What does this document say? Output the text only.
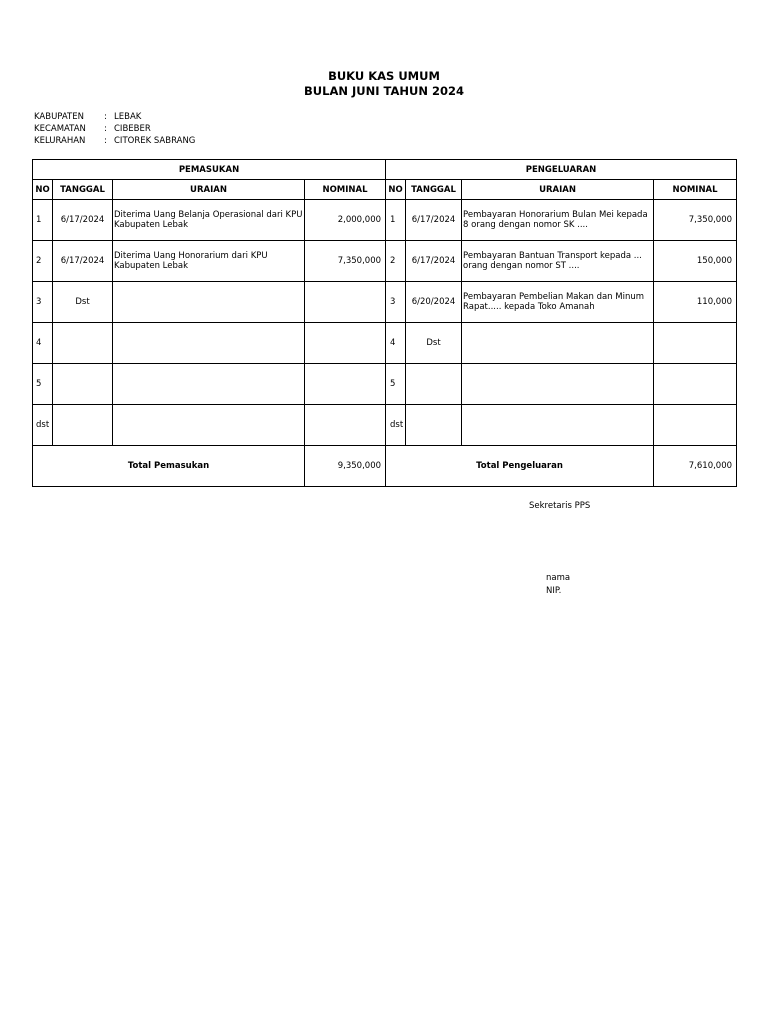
BUKU KAS UMUM
BULAN JUNI TAHUN 2024
KABUPATEN : LEBAK
KECAMATAN : CIBEBER
KELURAHAN : CITOREK SABRANG
PEMASUKAN				PENGELUARAN			
NO	TANGGAL	URAIAN	NOMINAL	NO	TANGGAL	URAIAN	NOMINAL
1	6/17/2024	Diterima Uang Belanja Operasional dari KPU Kabupaten Lebak	2,000,000	1	6/17/2024	Pembayaran Honorarium Bulan Mei kepada 8 orang dengan nomor SK ....	7,350,000
2	6/17/2024	Diterima Uang Honorarium dari KPU Kabupaten Lebak	7,350,000	2	6/17/2024	Pembayaran Bantuan Transport kepada ... orang dengan nomor ST ....	150,000
3	Dst			3	6/20/2024	Pembayaran Pembelian Makan dan Minum Rapat..... kepada Toko Amanah	110,000
4				4	Dst		
5				5			
dst				dst			
Total Pemasukan			9,350,000	Total Pengeluaran			7,610,000
Sekretaris PPS
nama
NIP.
